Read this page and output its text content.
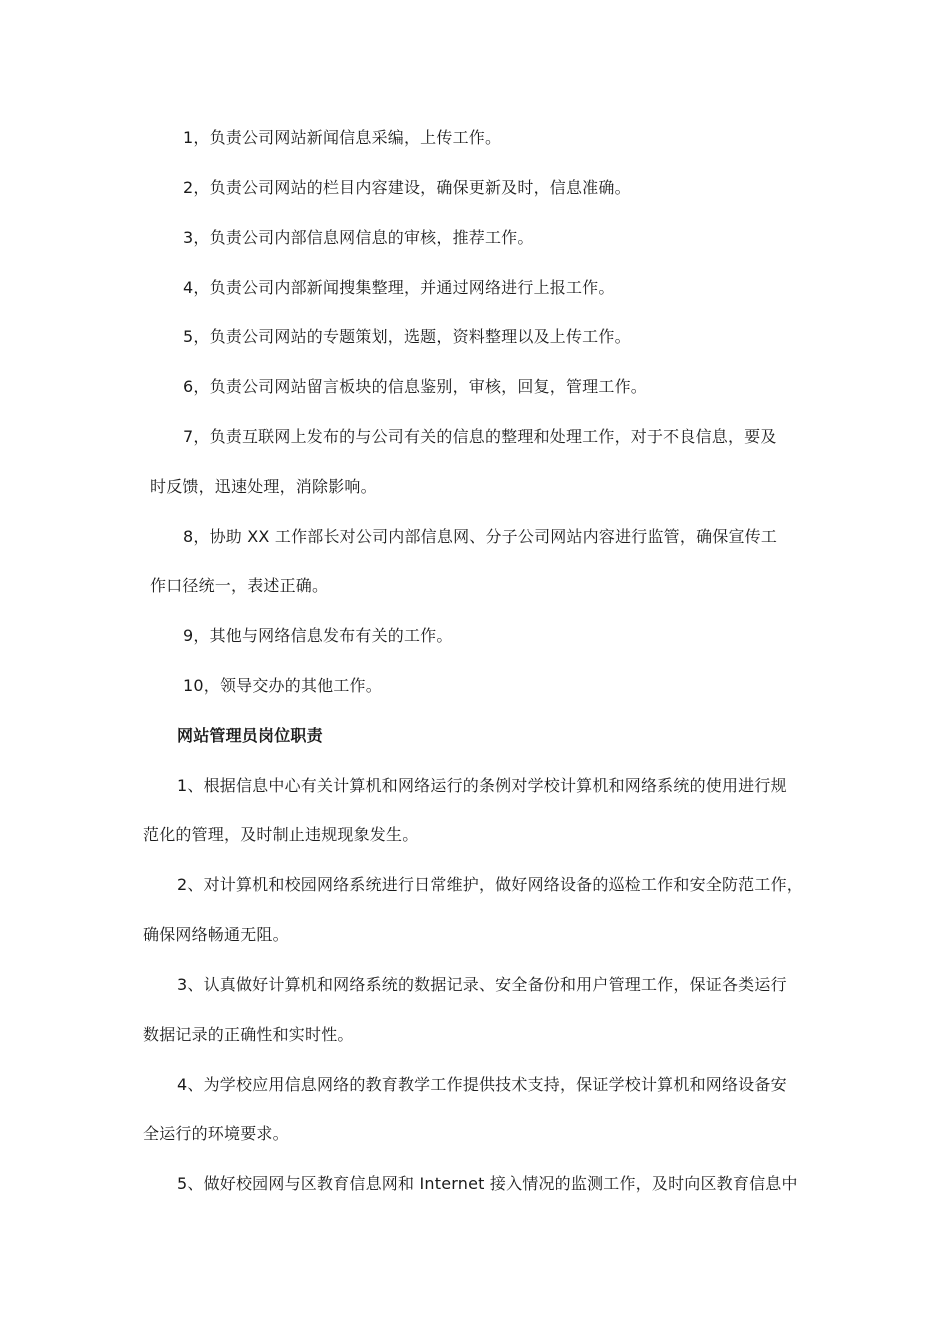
1，负责公司网站新闻信息采编，上传工作。
2，负责公司网站的栏目内容建设，确保更新及时，信息准确。
3，负责公司内部信息网信息的审核，推荐工作。
4，负责公司内部新闻搜集整理，并通过网络进行上报工作。
5，负责公司网站的专题策划，选题，资料整理以及上传工作。
6，负责公司网站留言板块的信息鉴别，审核，回复，管理工作。
7，负责互联网上发布的与公司有关的信息的整理和处理工作，对于不良信息，要及
时反馈，迅速处理，消除影响。
8，协助 XX 工作部长对公司内部信息网、分子公司网站内容进行监管，确保宣传工
作口径统一，表述正确。
9，其他与网络信息发布有关的工作。
10，领导交办的其他工作。
网站管理员岗位职责
1、根据信息中心有关计算机和网络运行的条例对学校计算机和网络系统的使用进行规
范化的管理，及时制止违规现象发生。
2、对计算机和校园网络系统进行日常维护，做好网络设备的巡检工作和安全防范工作，
确保网络畅通无阻。
3、认真做好计算机和网络系统的数据记录、安全备份和用户管理工作，保证各类运行
数据记录的正确性和实时性。
4、为学校应用信息网络的教育教学工作提供技术支持，保证学校计算机和网络设备安
全运行的环境要求。
5、做好校园网与区教育信息网和 Internet 接入情况的监测工作，及时向区教育信息中
